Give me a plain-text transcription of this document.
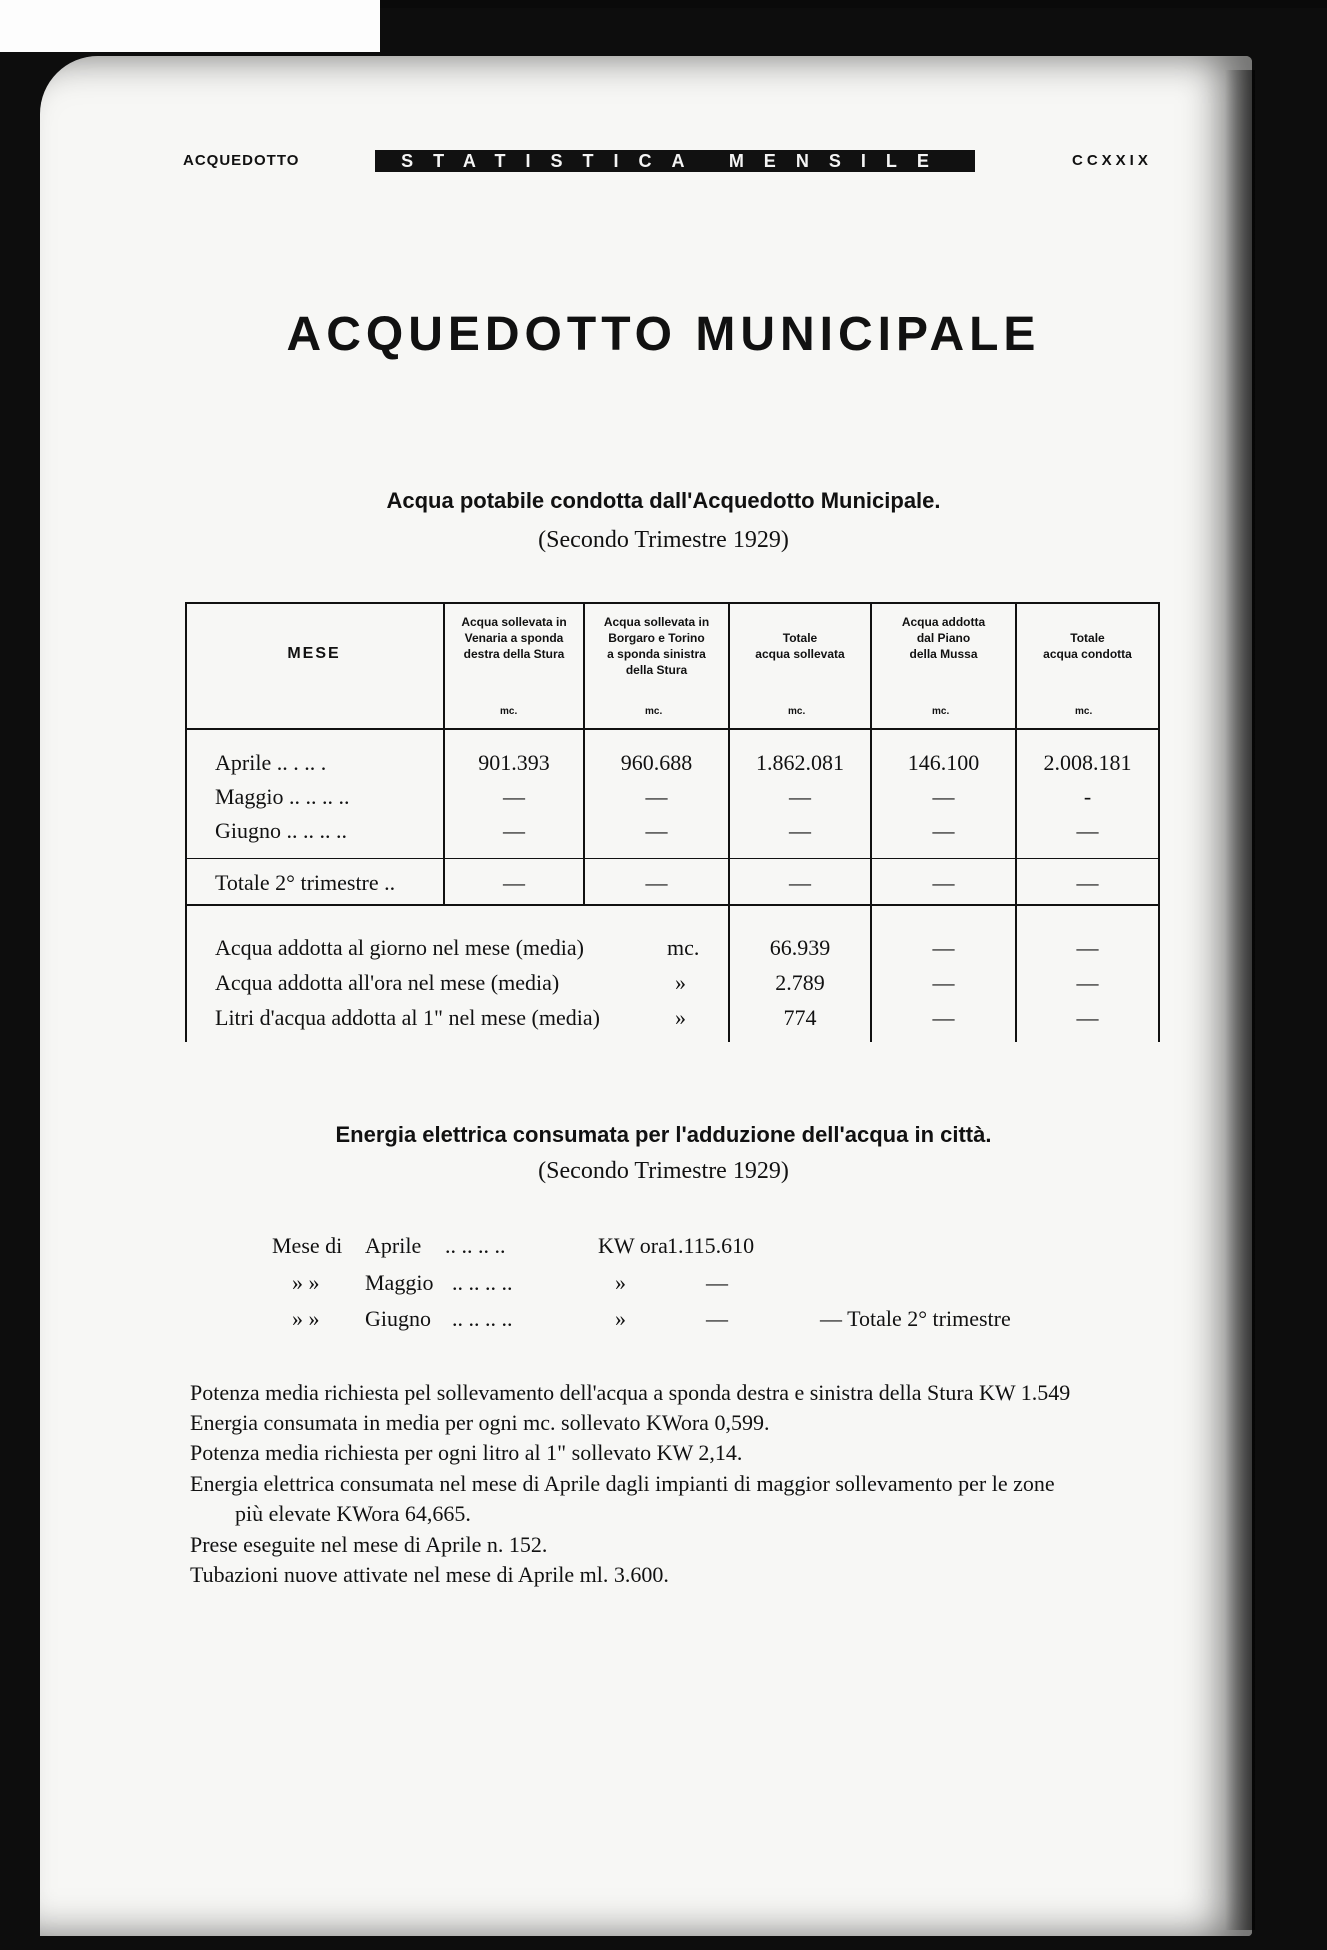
ACQUEDOTTO	STATISTICA MENSILE	CCXXIX
ACQUEDOTTO MUNICIPALE
Acqua potabile condotta dall'Acquedotto Municipale.
(Secondo Trimestre 1929)
MESE
Acqua sollevata in
Venaria a sponda
destra della Stura
Acqua sollevata in
Borgaro e Torino
a sponda sinistra
della Stura
Totale
acqua sollevata
Acqua addotta
dal Piano
della Mussa
Totale
acqua condotta
mc.	mc.	mc.	mc.	mc.
Aprile .. . .. .	901.393	960.688	1.862.081	146.100	2.008.181
Maggio .. .. .. ..	—	—	—	—	-
Giugno .. .. .. ..	—	—	—	—	—
Totale 2° trimestre ..	—	—	—	—	—
Acqua addotta al giorno nel mese (media)	mc.	66.939	—	—
Acqua addotta all'ora nel mese (media)	»	2.789	—	—
Litri d'acqua addotta al 1" nel mese (media)	»	774	—	—
Energia elettrica consumata per l'adduzione dell'acqua in città.
(Secondo Trimestre 1929)
Mese di Aprile .. .. .. ..	KW ora 1.115.610
» » Maggio .. .. .. ..	»	—
» » Giugno .. .. .. ..	»	—	— Totale 2° trimestre
Potenza media richiesta pel sollevamento dell'acqua a sponda destra e sinistra della Stura KW 1.549
Energia consumata in media per ogni mc. sollevato KWora 0,599.
Potenza media richiesta per ogni litro al 1" sollevato KW 2,14.
Energia elettrica consumata nel mese di Aprile dagli impianti di maggior sollevamento per le zone
più elevate KWora 64,665.
Prese eseguite nel mese di Aprile n. 152.
Tubazioni nuove attivate nel mese di Aprile ml. 3.600.
